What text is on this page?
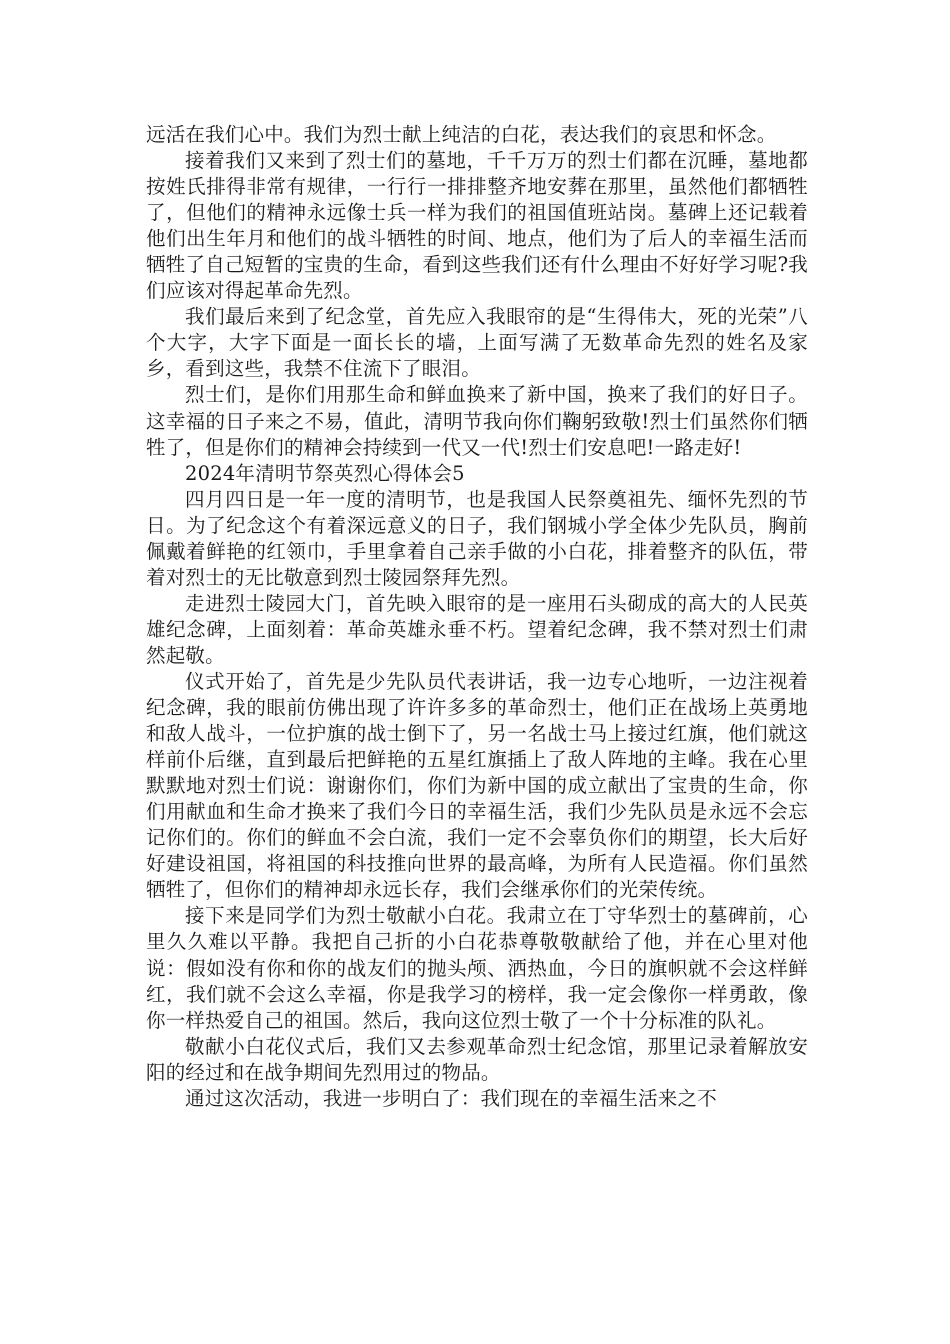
远活在我们心中。我们为烈士献上纯洁的白花，表达我们的哀思和怀念。

接着我们又来到了烈士们的墓地，千千万万的烈士们都在沉睡，墓地都按姓氏排得非常有规律，一行行一排排整齐地安葬在那里，虽然他们都牺牲了，但他们的精神永远像士兵一样为我们的祖国值班站岗。墓碑上还记载着他们出生年月和他们的战斗牺牲的时间、地点，他们为了后人的幸福生活而牺牲了自己短暂的宝贵的生命，看到这些我们还有什么理由不好好学习呢?我们应该对得起革命先烈。

我们最后来到了纪念堂，首先应入我眼帘的是“生得伟大，死的光荣”八个大字，大字下面是一面长长的墙，上面写满了无数革命先烈的姓名及家乡，看到这些，我禁不住流下了眼泪。

烈士们，是你们用那生命和鲜血换来了新中国，换来了我们的好日子。这幸福的日子来之不易，值此，清明节我向你们鞠躬致敬!烈士们虽然你们牺牲了，但是你们的精神会持续到一代又一代!烈士们安息吧!一路走好!

2024年清明节祭英烈心得体会5

四月四日是一年一度的清明节，也是我国人民祭奠祖先、缅怀先烈的节日。为了纪念这个有着深远意义的日子，我们钢城小学全体少先队员，胸前佩戴着鲜艳的红领巾，手里拿着自己亲手做的小白花，排着整齐的队伍，带着对烈士的无比敬意到烈士陵园祭拜先烈。

走进烈士陵园大门，首先映入眼帘的是一座用石头砌成的高大的人民英雄纪念碑，上面刻着：革命英雄永垂不朽。望着纪念碑，我不禁对烈士们肃然起敬。

仪式开始了，首先是少先队员代表讲话，我一边专心地听，一边注视着纪念碑，我的眼前仿佛出现了许许多多的革命烈士，他们正在战场上英勇地和敌人战斗，一位护旗的战士倒下了，另一名战士马上接过红旗，他们就这样前仆后继，直到最后把鲜艳的五星红旗插上了敌人阵地的主峰。我在心里默默地对烈士们说：谢谢你们，你们为新中国的成立献出了宝贵的生命，你们用献血和生命才换来了我们今日的幸福生活，我们少先队员是永远不会忘记你们的。你们的鲜血不会白流，我们一定不会辜负你们的期望，长大后好好建设祖国，将祖国的科技推向世界的最高峰，为所有人民造福。你们虽然牺牲了，但你们的精神却永远长存，我们会继承你们的光荣传统。

接下来是同学们为烈士敬献小白花。我肃立在丁守华烈士的墓碑前，心里久久难以平静。我把自己折的小白花恭尊敬敬献给了他，并在心里对他说：假如没有你和你的战友们的抛头颅、洒热血，今日的旗帜就不会这样鲜红，我们就不会这么幸福，你是我学习的榜样，我一定会像你一样勇敢，像你一样热爱自己的祖国。然后，我向这位烈士敬了一个十分标准的队礼。

敬献小白花仪式后，我们又去参观革命烈士纪念馆，那里记录着解放安阳的经过和在战争期间先烈用过的物品。

通过这次活动，我进一步明白了：我们现在的幸福生活来之不
